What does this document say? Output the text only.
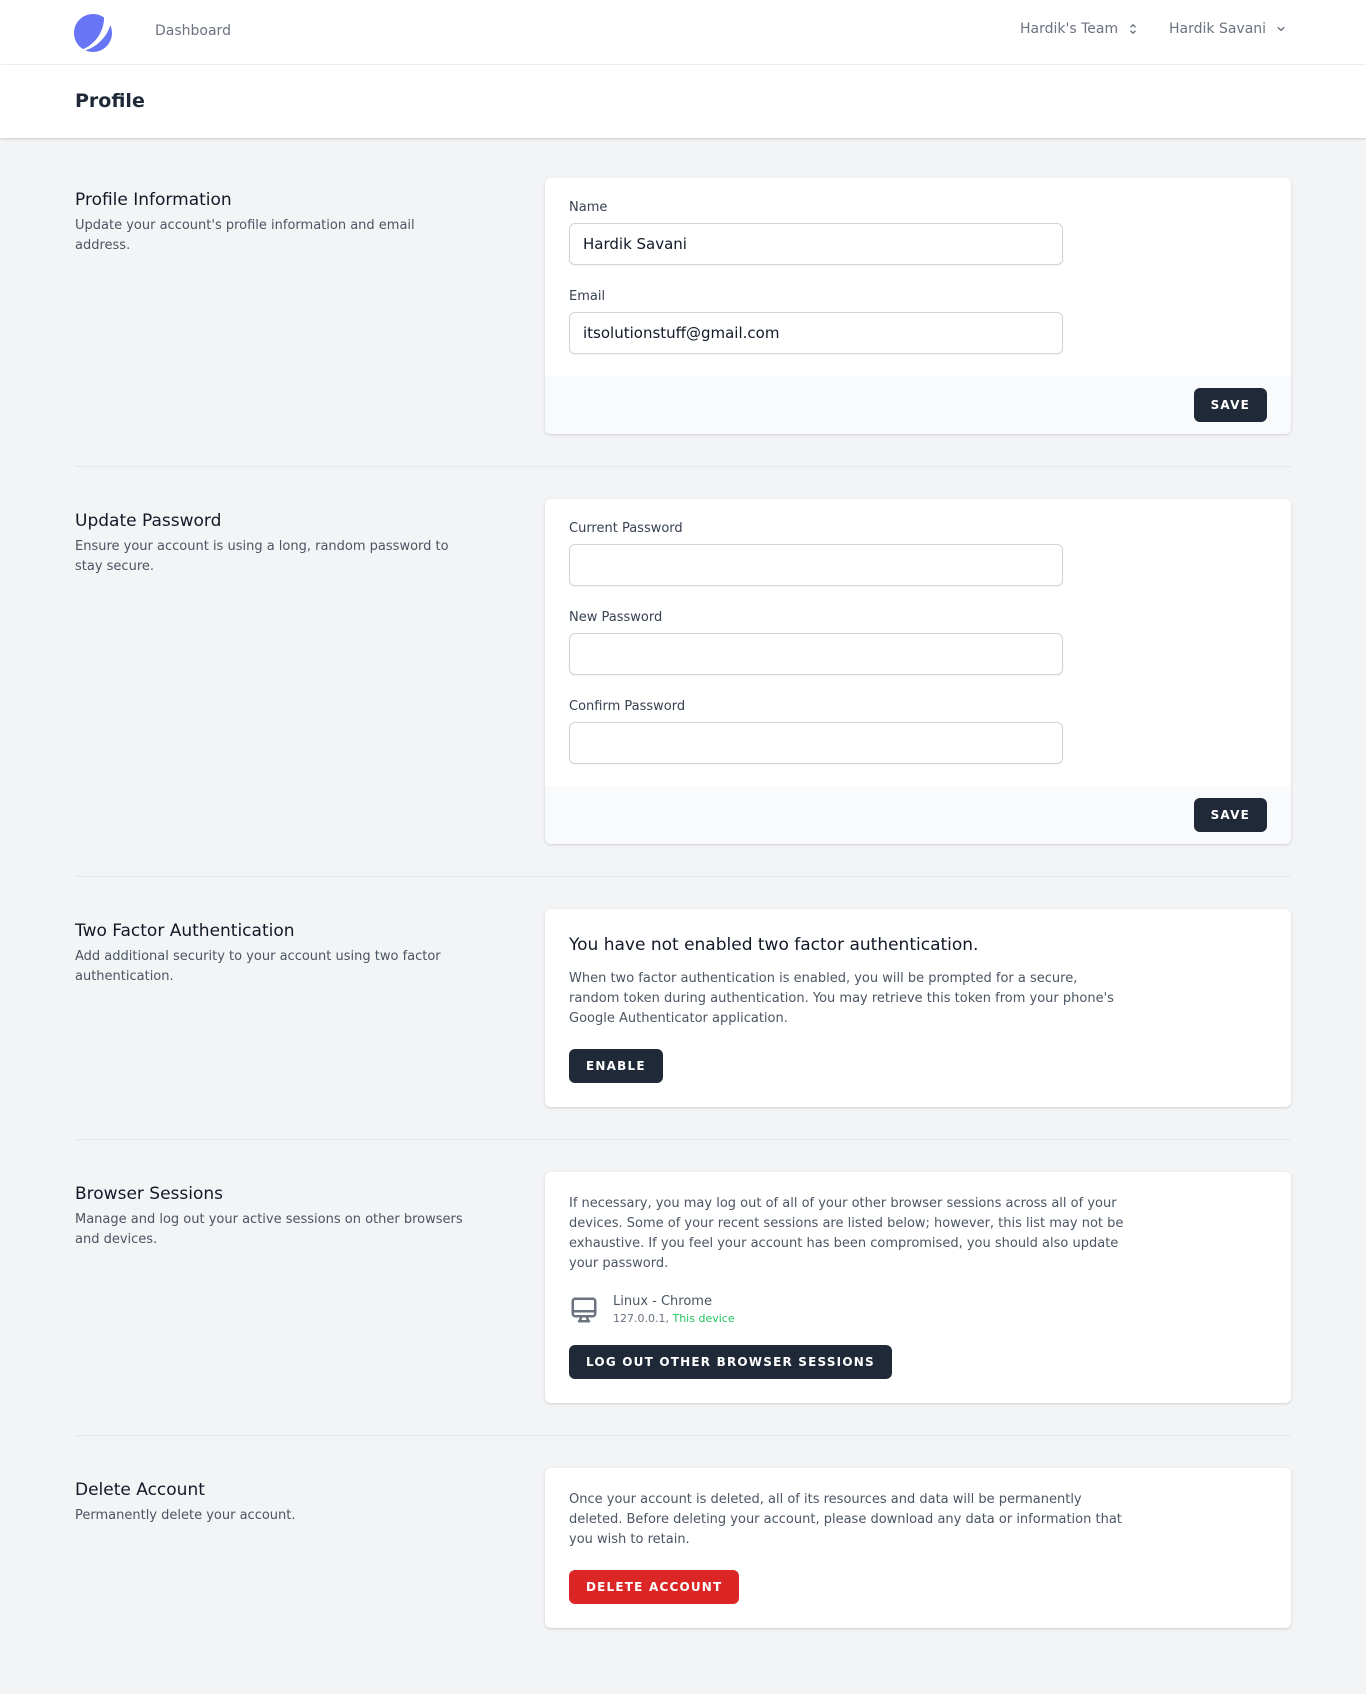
Dashboard	Hardik's Team	Hardik Savani
Profile
Profile Information

Update your account's profile information and email address.

Name
Hardik Savani
Email
itsolutionstuff@gmail.com
SAVE
Update Password

Ensure your account is using a long, random password to stay secure.

Current Password
New Password
Confirm Password
SAVE
Two Factor Authentication

Add additional security to your account using two factor authentication.

You have not enabled two factor authentication.

When two factor authentication is enabled, you will be prompted for a secure, random token during authentication. You may retrieve this token from your phone's Google Authenticator application.

ENABLE
Browser Sessions

Manage and log out your active sessions on other browsers and devices.

If necessary, you may log out of all of your other browser sessions across all of your devices. Some of your recent sessions are listed below; however, this list may not be exhaustive. If you feel your account has been compromised, you should also update your password.

Linux - Chrome
127.0.0.1, This device
LOG OUT OTHER BROWSER SESSIONS
Delete Account

Permanently delete your account.

Once your account is deleted, all of its resources and data will be permanently deleted. Before deleting your account, please download any data or information that you wish to retain.

DELETE ACCOUNT
